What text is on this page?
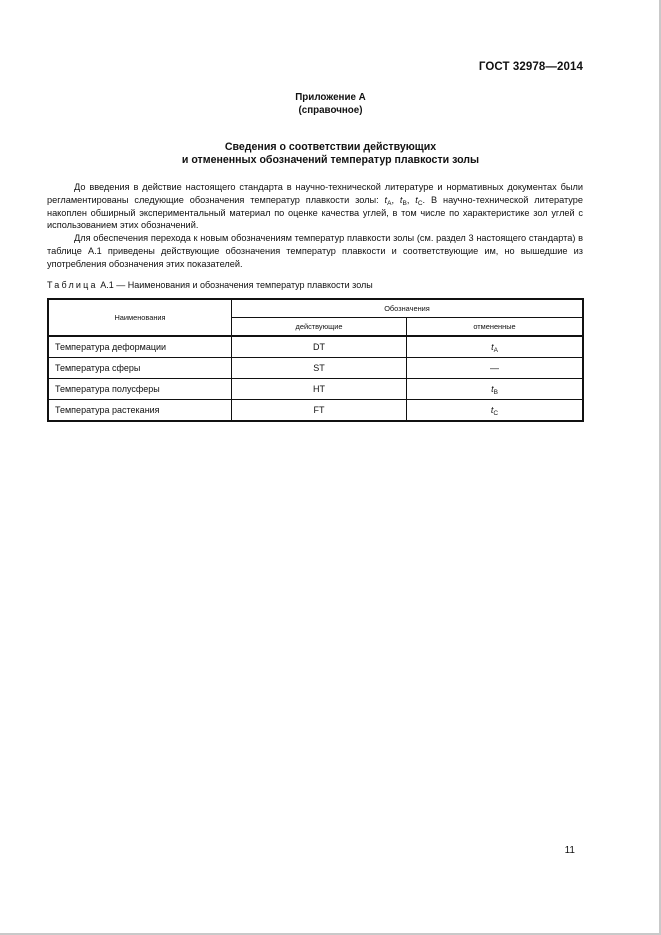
ГОСТ 32978—2014
Приложение А
(справочное)
Сведения о соответствии действующих
и отмененных обозначений температур плавкости золы

До введения в действие настоящего стандарта в научно-технической литературе и нормативных документах были регламентированы следующие обозначения температур плавкости золы: $t_A$, $t_B$, $t_C$. В научно-технической литературе накоплен обширный экспериментальный материал по оценке качества углей, в том числе по характеристике зол углей с использованием этих обозначений.

Для обеспечения перехода к новым обозначениям температур плавкости золы (см. раздел 3 настоящего стандарта) в таблице А.1 приведены действующие обозначения температур плавкости и соответствующие им, но вышедшие из употребления обозначения этих показателей.

Таблица А.1 — Наименования и обозначения температур плавкости золы
Наименования	Обозначения	
	действующие	отмененные
Температура деформации	DT	$t_A$
Температура сферы	ST	—
Температура полусферы	HT	$t_B$
Температура растекания	FT	$t_C$
11
